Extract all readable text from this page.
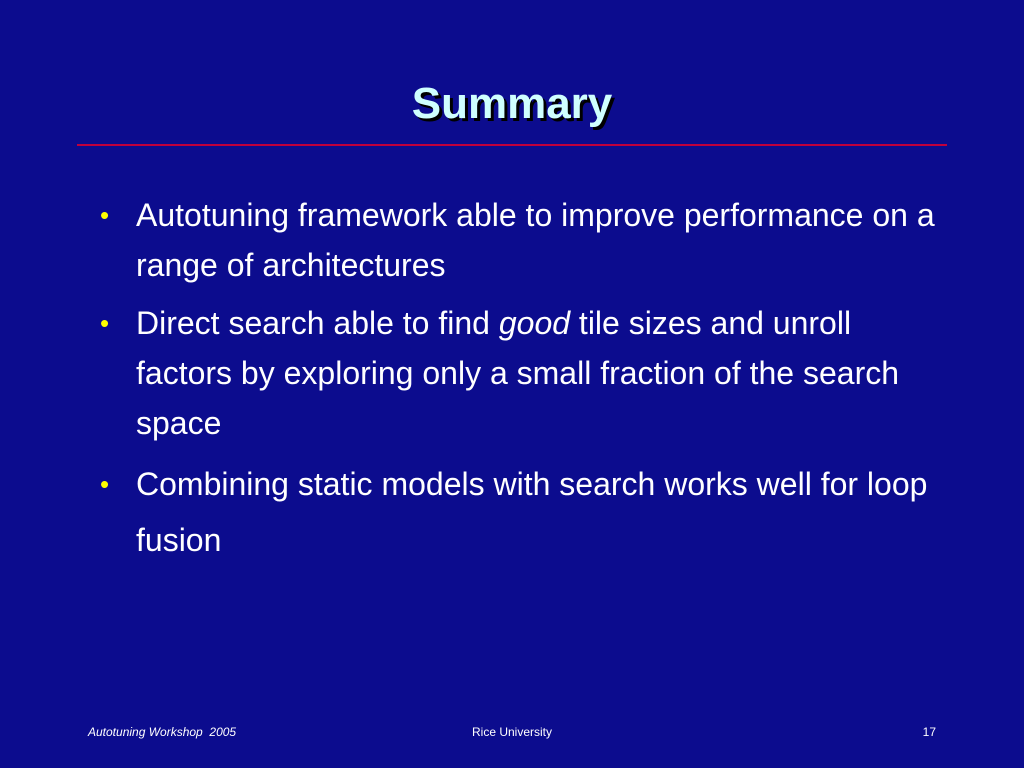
Summary
• Autotuning framework able to improve performance on a range of architectures
• Direct search able to find good tile sizes and unroll factors by exploring only a small fraction of the search space
• Combining static models with search works well for loop fusion
Autotuning Workshop  2005	Rice University	17
